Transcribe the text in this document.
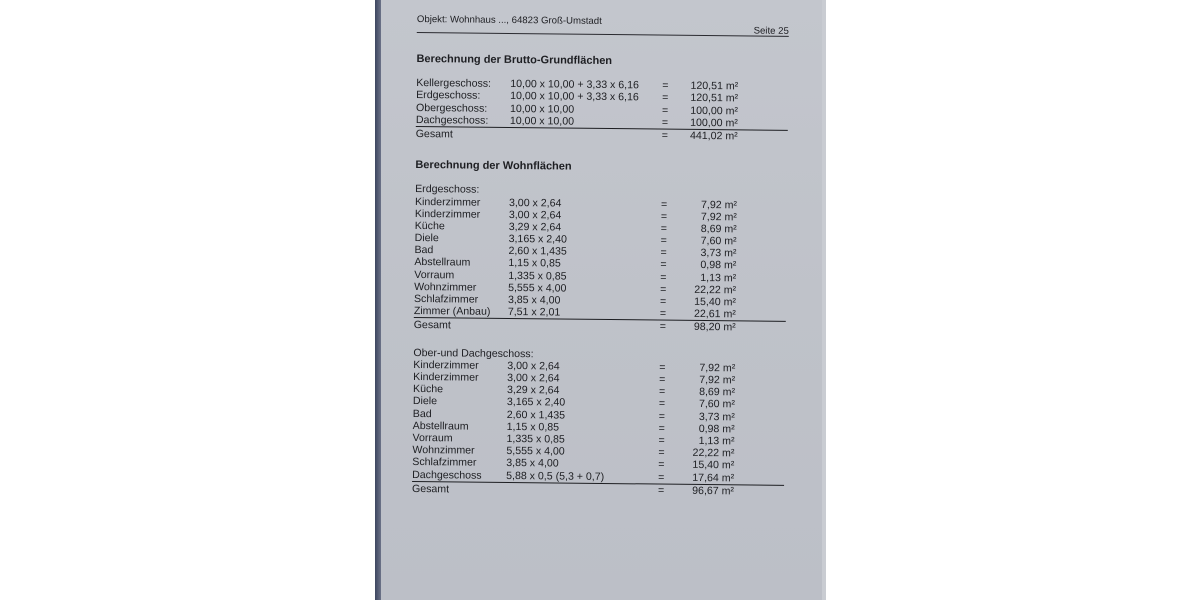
Objekt: Wohnhaus ..., 64823 Groß-Umstadt
Seite 25
Berechnung der Brutto-Grundflächen
Kellergeschoss: 10,00 x 10,00 + 3,33 x 6,16 = 120,51 m²
Erdgeschoss:	10,00 x 10,00 + 3,33 x 6,16 = 120,51 m²
Obergeschoss: 10,00 x 10,00	= 100,00 m²
Dachgeschoss: 10,00 x 10,00	= 100,00 m²
Gesamt	= 441,02 m²
Berechnung der Wohnflächen
Erdgeschoss:
Kinderzimmer	3,00 x 2,64	=	7,92 m²
Kinderzimmer	3,00 x 2,64	=	7,92 m²
Küche	3,29 x 2,64	=	8,69 m²
Diele	3,165 x 2,40	=	7,60 m²
Bad	2,60 x 1,435	=	3,73 m²
Abstellraum	1,15 x 0,85	=	0,98 m²
Vorraum	1,335 x 0,85	=	1,13 m²
Wohnzimmer	5,555 x 4,00	=	22,22 m²
Schlafzimmer	3,85 x 4,00	=	15,40 m²
Zimmer (Anbau) 7,51 x 2,01	=	22,61 m²
Gesamt	=	98,20 m²
Ober-und Dachgeschoss:
Kinderzimmer	3,00 x 2,64	=	7,92 m²
Kinderzimmer	3,00 x 2,64	=	7,92 m²
Küche	3,29 x 2,64	=	8,69 m²
Diele	3,165 x 2,40	=	7,60 m²
Bad	2,60 x 1,435	=	3,73 m²
Abstellraum	1,15 x 0,85	=	0,98 m²
Vorraum	1,335 x 0,85	=	1,13 m²
Wohnzimmer	5,555 x 4,00	=	22,22 m²
Schlafzimmer	3,85 x 4,00	=	15,40 m²
Dachgeschoss 5,88 x 0,5 (5,3 + 0,7)	=	17,64 m²
Gesamt	=	96,67 m²
